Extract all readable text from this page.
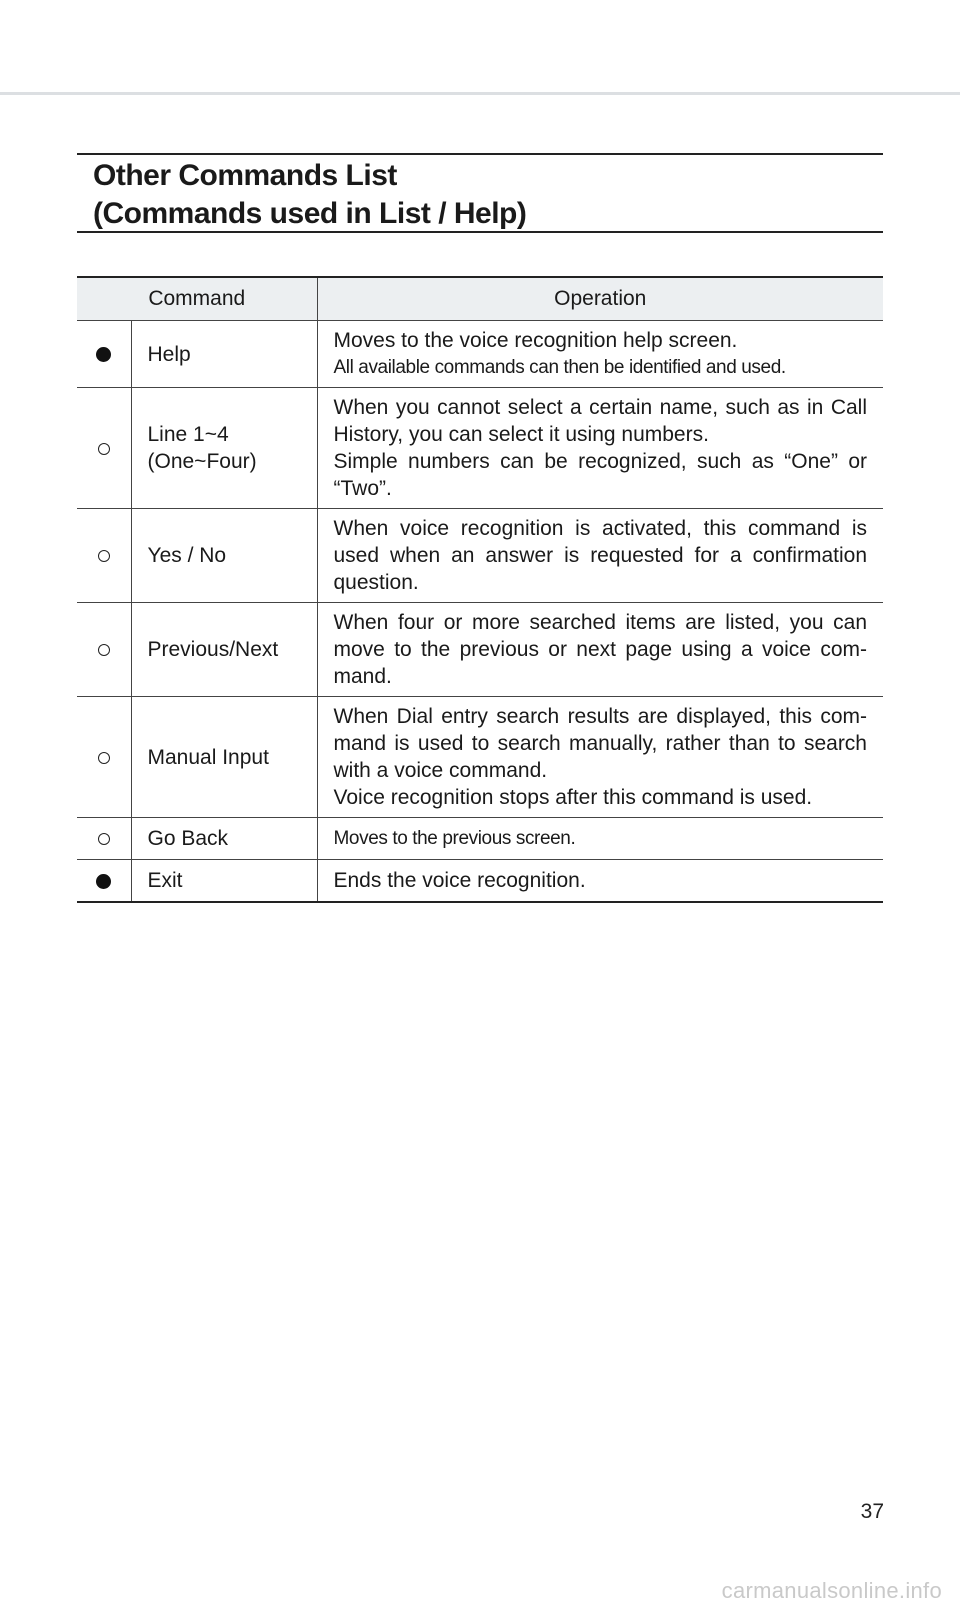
Other Commands List
(Commands used in List / Help)
Command		Operation

	Help	Moves to the voice recognition help screen.
All available commands can then be identified and used.

	Line 1~4
(One~Four)	When you cannot select a certain name, such as in Call History, you can select it using numbers.
Simple numbers can be recognized, such as “One” or “Two”.

	Yes / No	When voice recognition is activated, this command is used when an answer is requested for a confirmation question.

	Previous/Next	When four or more searched items are listed, you can move to the previous or next page using a voice com-mand.

	Manual Input	When Dial entry search results are displayed, this com-mand is used to search manually, rather than to search with a voice command.
Voice recognition stops after this command is used.

	Go Back	Moves to the previous screen.

	Exit	Ends the voice recognition.
37
carmanualsonline.info
